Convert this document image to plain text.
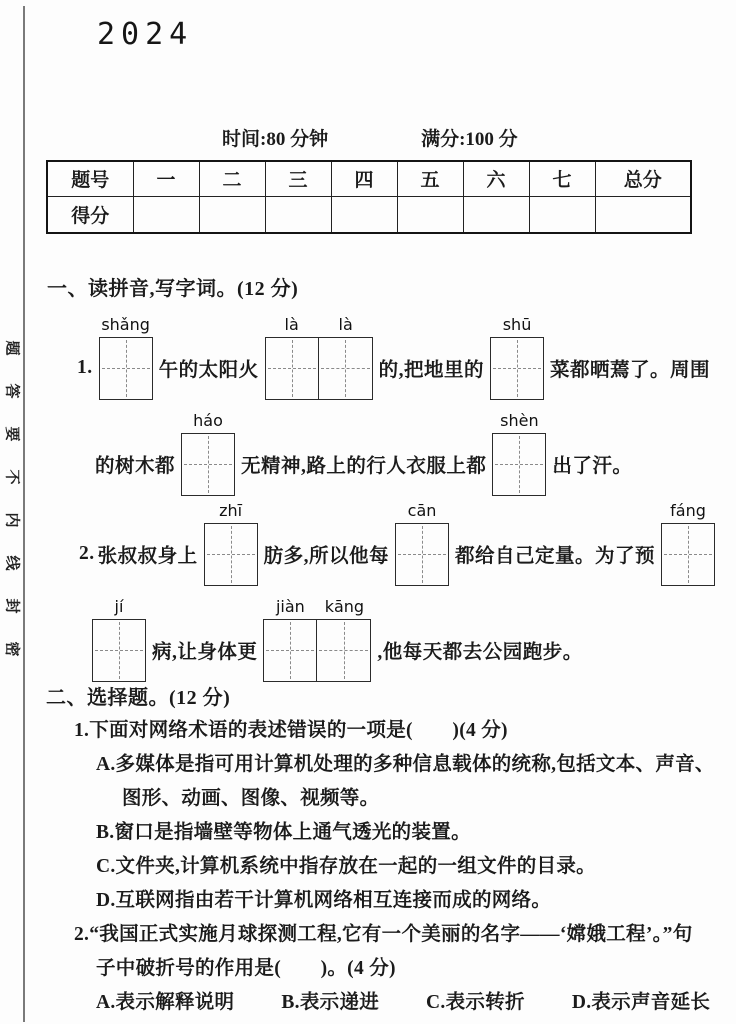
题
答
要
不
内
线
封
密
2024
时间:80 分钟	满分:100 分
题号	一	二	三	四	五	六	七	总分
得分								
一、读拼音,写字词。(12 分)
1.
shǎng
午的太阳火
là	là
的,把地里的
shū
菜都晒蔫了。周围
的树木都
háo
无精神,路上的行人衣服上都
shèn
出了汗。
2. 张叔叔身上
zhī
肪多,所以他每
cān
都给自己定量。为了预
fáng
jí
病,让身体更
jiàn	kāng
,他每天都去公园跑步。
二、选择题。(12 分)
1.下面对网络术语的表述错误的一项是(　　)(4 分)
A.多媒体是指可用计算机处理的多种信息载体的统称,包括文本、声音、
图形、动画、图像、视频等。
B.窗口是指墙壁等物体上通气透光的装置。
C.文件夹,计算机系统中指存放在一起的一组文件的目录。
D.互联网指由若干计算机网络相互连接而成的网络。
2.“我国正式实施月球探测工程,它有一个美丽的名字——‘嫦娥工程’。”句
子中破折号的作用是(　　)。(4 分)
A.表示解释说明 B.表示递进 C.表示转折 D.表示声音延长
